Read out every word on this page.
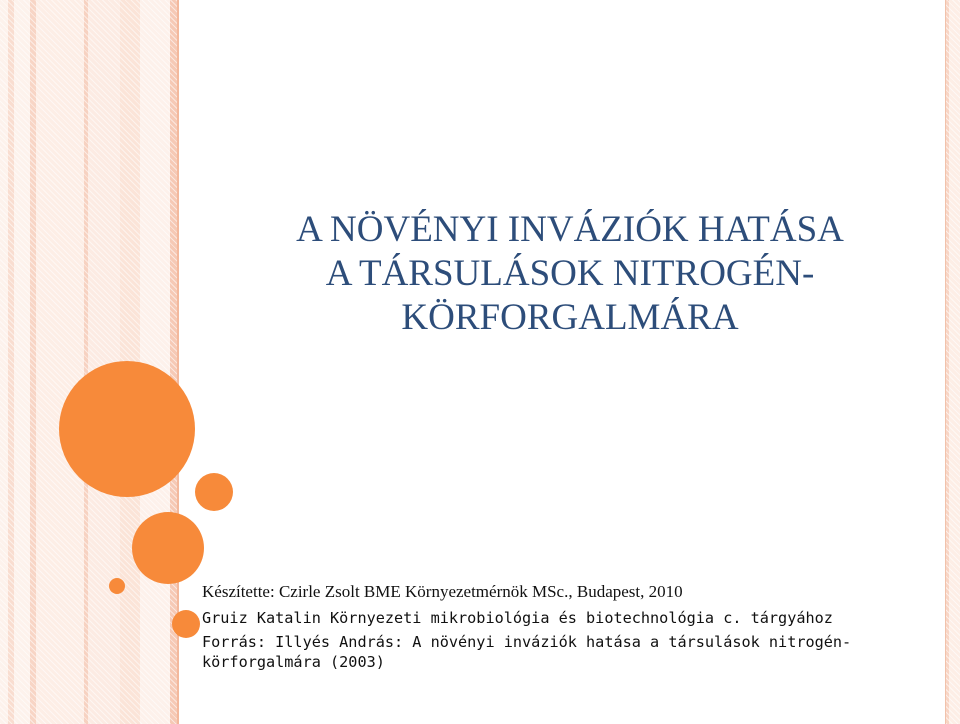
A NÖVÉNYI INVÁZIÓK HATÁSA
A TÁRSULÁSOK NITROGÉN-
KÖRFORGALMÁRA
Készítette: Czirle Zsolt BME Környezetmérnök MSc., Budapest, 2010
Gruiz Katalin Környezeti mikrobiológia és biotechnológia c. tárgyához
Forrás: Illyés András: A növényi inváziók hatása a társulások nitrogén-
körforgalmára (2003)
